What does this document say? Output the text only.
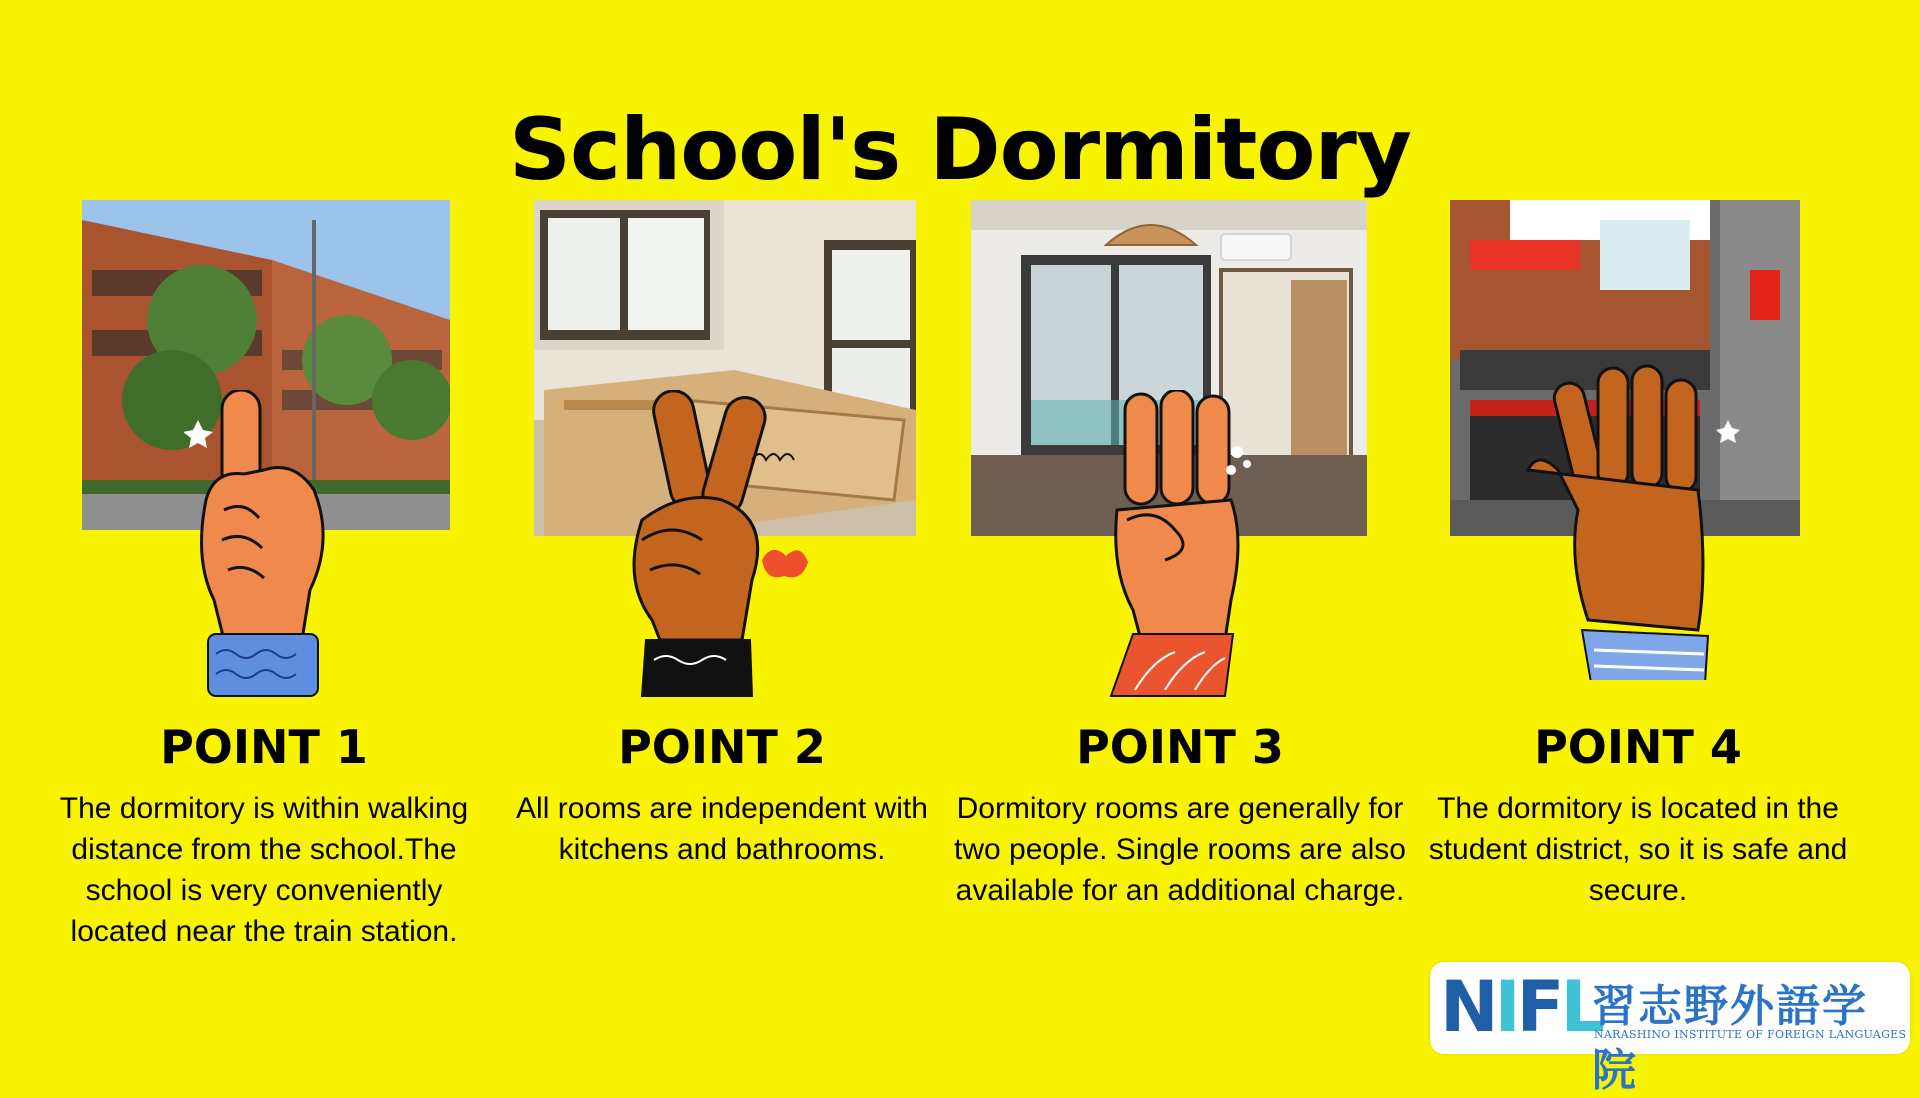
School's Dormitory
POINT 1
The dormitory is within walking distance from the school.The school is very conveniently located near the train station.
POINT 2
All rooms are independent with kitchens and bathrooms.
POINT 3
Dormitory rooms are generally for two people. Single rooms are also available for an additional charge.
POINT 4
The dormitory is located in the student district, so it is safe and secure.
NIFL
習志野外語学院
NARASHINO INSTITUTE OF FOREIGN LANGUAGES
